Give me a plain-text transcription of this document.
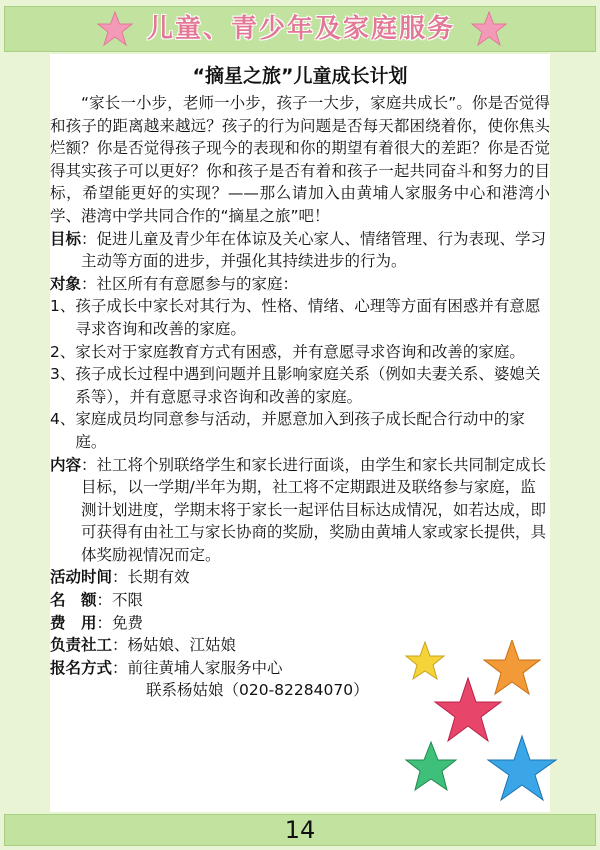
儿童、青少年及家庭服务
“摘星之旅”儿童成长计划

“家长一小步，老师一小步，孩子一大步，家庭共成长”。你是否觉得和孩子的距离越来越远？孩子的行为问题是否每天都困绕着你，使你焦头烂额？你是否觉得孩子现今的表现和你的期望有着很大的差距？你是否觉得其实孩子可以更好？你和孩子是否有着和孩子一起共同奋斗和努力的目标，希望能更好的实现？——那么请加入由黄埔人家服务中心和港湾小学、港湾中学共同合作的“摘星之旅”吧！

目标 ：促进儿童及青少年在体谅及关心家人、情绪管理、行为表现、学习主动等方面的进步，并强化其持续进步的行为。
对象 ：社区所有有意愿参与的家庭：
1、 孩子成长中家长对其行为、性格、情绪、心理等方面有困惑并有意愿寻求咨询和改善的家庭。
2、 家长对于家庭教育方式有困惑，并有意愿寻求咨询和改善的家庭。
3、 孩子成长过程中遇到问题并且影响家庭关系（例如夫妻关系、婆媳关系等），并有意愿寻求咨询和改善的家庭。
4、 家庭成员均同意参与活动，并愿意加入到孩子成长配合行动中的家庭。
内容 ：社工将个别联络学生和家长进行面谈，由学生和家长共同制定成长目标，以一学期/半年为期，社工将不定期跟进及联络参与家庭，监测计划进度，学期末将于家长一起评估目标达成情况，如若达成，即可获得有由社工与家长协商的奖励，奖励由黄埔人家或家长提供，具体奖励视情况而定。
活动时间 ：长期有效
名　额 ：不限
费　用 ：免费
负责社工 ：杨姑娘、江姑娘
报名方式 ：前往黄埔人家服务中心
联系杨姑娘（020-82284070）
14
